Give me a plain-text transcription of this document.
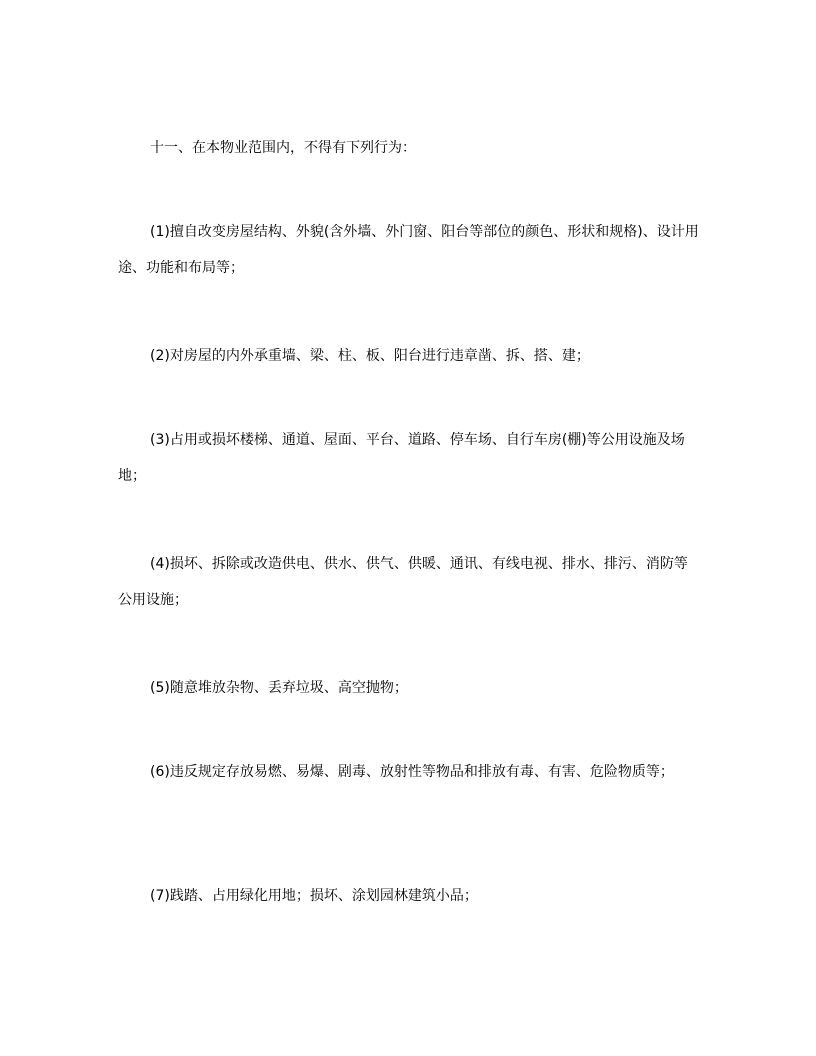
十一、在本物业范围内，不得有下列行为：

(1)擅自改变房屋结构、外貌(含外墙、外门窗、阳台等部位的颜色、形状和规格)、设计用途、功能和布局等；

(2)对房屋的内外承重墙、梁、柱、板、阳台进行违章凿、拆、搭、建；

(3)占用或损坏楼梯、通道、屋面、平台、道路、停车场、自行车房(棚)等公用设施及场地；

(4)损坏、拆除或改造供电、供水、供气、供暖、通讯、有线电视、排水、排污、消防等公用设施；

(5)随意堆放杂物、丢弃垃圾、高空抛物；

(6)违反规定存放易燃、易爆、剧毒、放射性等物品和排放有毒、有害、危险物质等；

(7)践踏、占用绿化用地；损坏、涂划园林建筑小品；
